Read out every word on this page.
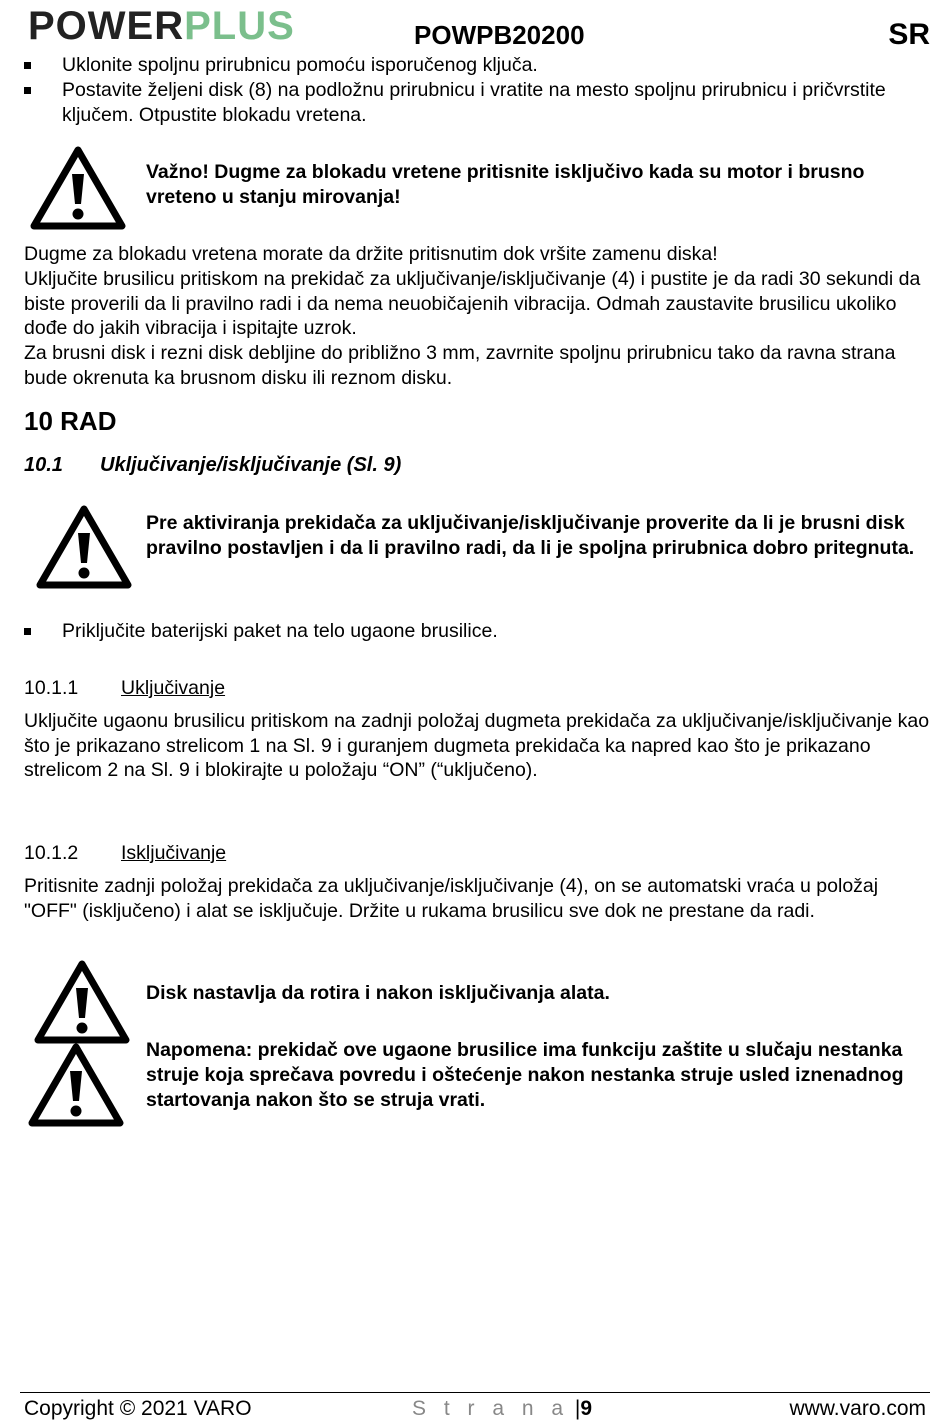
POWERPLUS	POWPB20200	SR
Uklonite spoljnu prirubnicu pomoću isporučenog ključa.
Postavite željeni disk (8) na podložnu prirubnicu i vratite na mesto spoljnu prirubnicu i pričvrstite ključem. Otpustite blokadu vretena.
Važno! Dugme za blokadu vretene pritisnite isključivo kada su motor i brusno vreteno u stanju mirovanja!
Dugme za blokadu vretena morate da držite pritisnutim dok vršite zamenu diska!
Uključite brusilicu pritiskom na prekidač za uključivanje/isključivanje (4) i pustite je da radi 30 sekundi da biste proverili da li pravilno radi i da nema neuobičajenih vibracija. Odmah zaustavite brusilicu ukoliko dođe do jakih vibracija i ispitajte uzrok.
Za brusni disk i rezni disk debljine do približno 3 mm, zavrnite spoljnu prirubnicu tako da ravna strana bude okrenuta ka brusnom disku ili reznom disku.
10 RAD
10.1 Uključivanje/isključivanje (Sl. 9)
Pre aktiviranja prekidača za uključivanje/isključivanje proverite da li je brusni disk pravilno postavljen i da li pravilno radi, da li je spoljna prirubnica dobro pritegnuta.
Priključite baterijski paket na telo ugaone brusilice.
10.1.1 Uključivanje
Uključite ugaonu brusilicu pritiskom na zadnji položaj dugmeta prekidača za uključivanje/isključivanje kao što je prikazano strelicom 1 na Sl. 9 i guranjem dugmeta prekidača ka napred kao što je prikazano strelicom 2 na Sl. 9 i blokirajte u položaju “ON” (“uključeno).
10.1.2 Isključivanje
Pritisnite zadnji položaj prekidača za uključivanje/isključivanje (4), on se automatski vraća u položaj "OFF" (isključeno) i alat se isključuje. Držite u rukama brusilicu sve dok ne prestane da radi.
Disk nastavlja da rotira i nakon isključivanja alata.
Napomena: prekidač ove ugaone brusilice ima funkciju zaštite u slučaju nestanka struje koja sprečava povredu i oštećenje nakon nestanka struje usled iznenadnog startovanja nakon što se struja vrati.
Copyright © 2021 VARO	S t r a n a |9	www.varo.com
